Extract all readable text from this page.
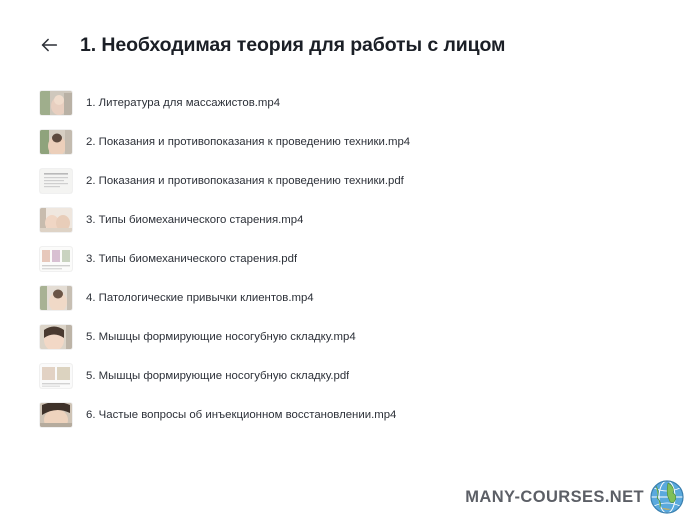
1. Необходимая теория для работы с лицом
1. Литература для массажистов.mp4
2. Показания и противопоказания к проведению техники.mp4
2. Показания и противопоказания к проведению техники.pdf
3. Типы биомеханического старения.mp4
3. Типы биомеханического старения.pdf
4. Патологические привычки клиентов.mp4
5. Мышцы формирующие носогубную складку.mp4
5. Мышцы формирующие носогубную складку.pdf
6. Частые вопросы об инъекционном восстановлении.mp4
MANY-COURSES.NET
